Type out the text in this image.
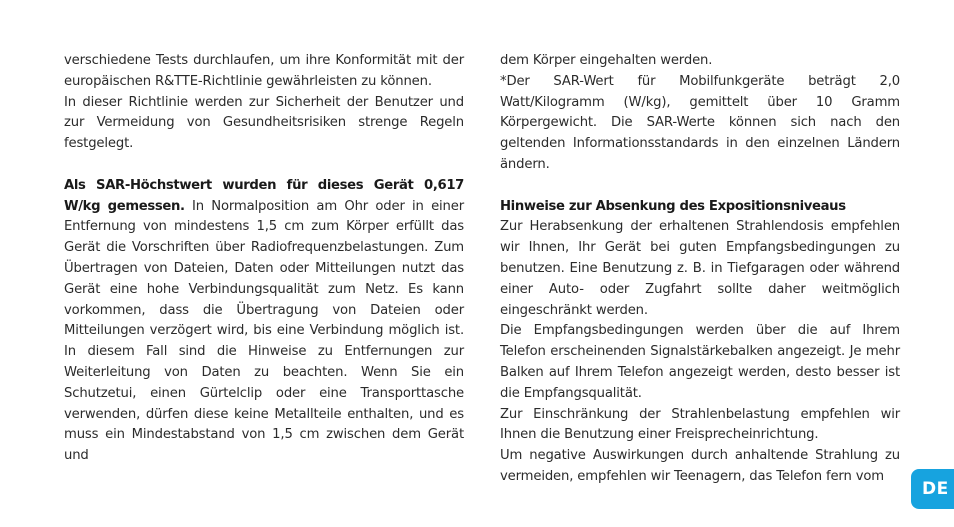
verschiedene Tests durchlaufen, um ihre Konformität mit der europäischen R&TTE-Richtlinie gewährleisten zu können.

In dieser Richtlinie werden zur Sicherheit der Benutzer und zur Vermeidung von Gesundheitsrisiken strenge Regeln festgelegt.

Als SAR-Höchstwert wurden für dieses Gerät 0,617 W/kg gemessen. In Normalposition am Ohr oder in einer Entfernung von mindestens 1,5 cm zum Körper erfüllt das Gerät die Vorschriften über Radiofrequenzbelastungen. Zum Übertragen von Dateien, Daten oder Mitteilungen nutzt das Gerät eine hohe Verbindungsqualität zum Netz. Es kann vorkommen, dass die Übertragung von Dateien oder Mitteilungen verzögert wird, bis eine Verbindung möglich ist. In diesem Fall sind die Hinweise zu Entfernungen zur Weiterleitung von Daten zu beachten. Wenn Sie ein Schutzetui, einen Gürtelclip oder eine Transporttasche verwenden, dürfen diese keine Metallteile enthalten, und es muss ein Mindestabstand von 1,5 cm zwischen dem Gerät und

dem Körper eingehalten werden.

*Der SAR-Wert für Mobilfunkgeräte beträgt 2,0 Watt/Kilogramm (W/kg), gemittelt über 10 Gramm Körpergewicht. Die SAR-Werte können sich nach den geltenden Informationsstandards in den einzelnen Ländern ändern.

Hinweise zur Absenkung des Expositionsniveaus

Zur Herabsenkung der erhaltenen Strahlendosis empfehlen wir Ihnen, Ihr Gerät bei guten Empfangsbedingungen zu benutzen. Eine Benutzung z. B. in Tiefgaragen oder während einer Auto- oder Zugfahrt sollte daher weitmöglich eingeschränkt werden.

Die Empfangsbedingungen werden über die auf Ihrem Telefon erscheinenden Signalstärkebalken angezeigt. Je mehr Balken auf Ihrem Telefon angezeigt werden, desto besser ist die Empfangsqualität.

Zur Einschränkung der Strahlenbelastung empfehlen wir Ihnen die Benutzung einer Freisprecheinrichtung.

Um negative Auswirkungen durch anhaltende Strahlung zu vermeiden, empfehlen wir Teenagern, das Telefon fern vom

DE
